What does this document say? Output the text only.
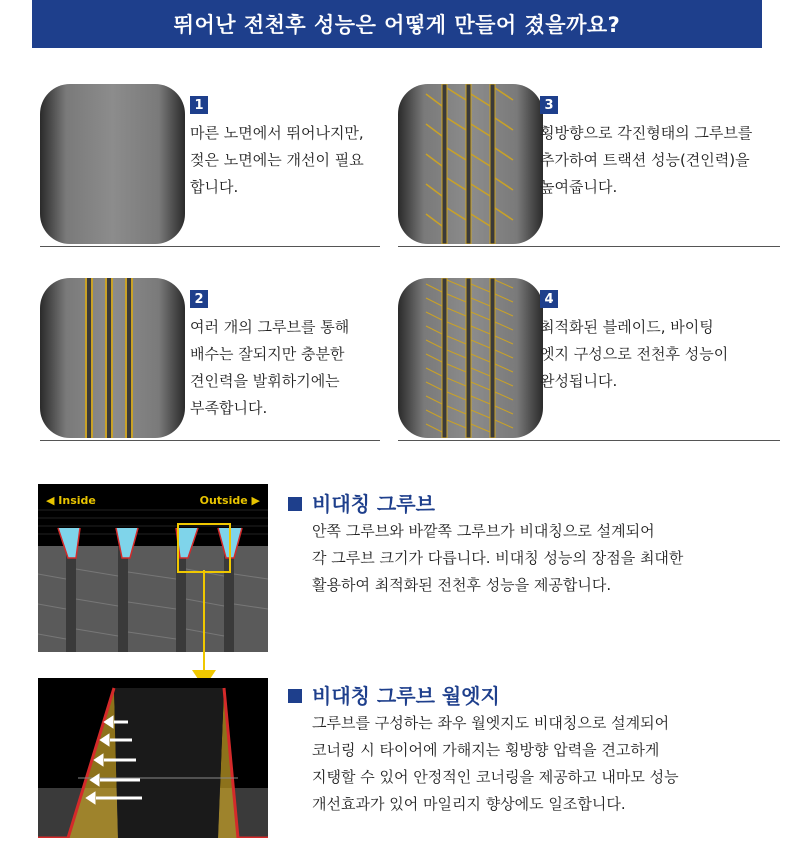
뛰어난 전천후 성능은 어떻게 만들어 졌을까요?
1
마른 노면에서 뛰어나지만,
젖은 노면에는 개선이 필요
합니다.
2
여러 개의 그루브를 통해
배수는 잘되지만 충분한
견인력을 발휘하기에는
부족합니다.
3
횡방향으로 각진형태의 그루브를
추가하여 트랙션 성능(견인력)을
높여줍니다.
4
최적화된 블레이드, 바이팅
엣지 구성으로 전천후 성능이
완성됩니다.
◀ Inside	Outside ▶	비대칭 그루브
안쪽 그루브와 바깥쪽 그루브가 비대칭으로 설계되어
각 그루브 크기가 다릅니다. 비대칭 성능의 장점을 최대한
활용하여 최적화된 전천후 성능을 제공합니다.
비대칭 그루브 월엣지
그루브를 구성하는 좌우 월엣지도 비대칭으로 설계되어
코너링 시 타이어에 가해지는 횡방향 압력을 견고하게
지탱할 수 있어 안정적인 코너링을 제공하고 내마모 성능
개선효과가 있어 마일리지 향상에도 일조합니다.
